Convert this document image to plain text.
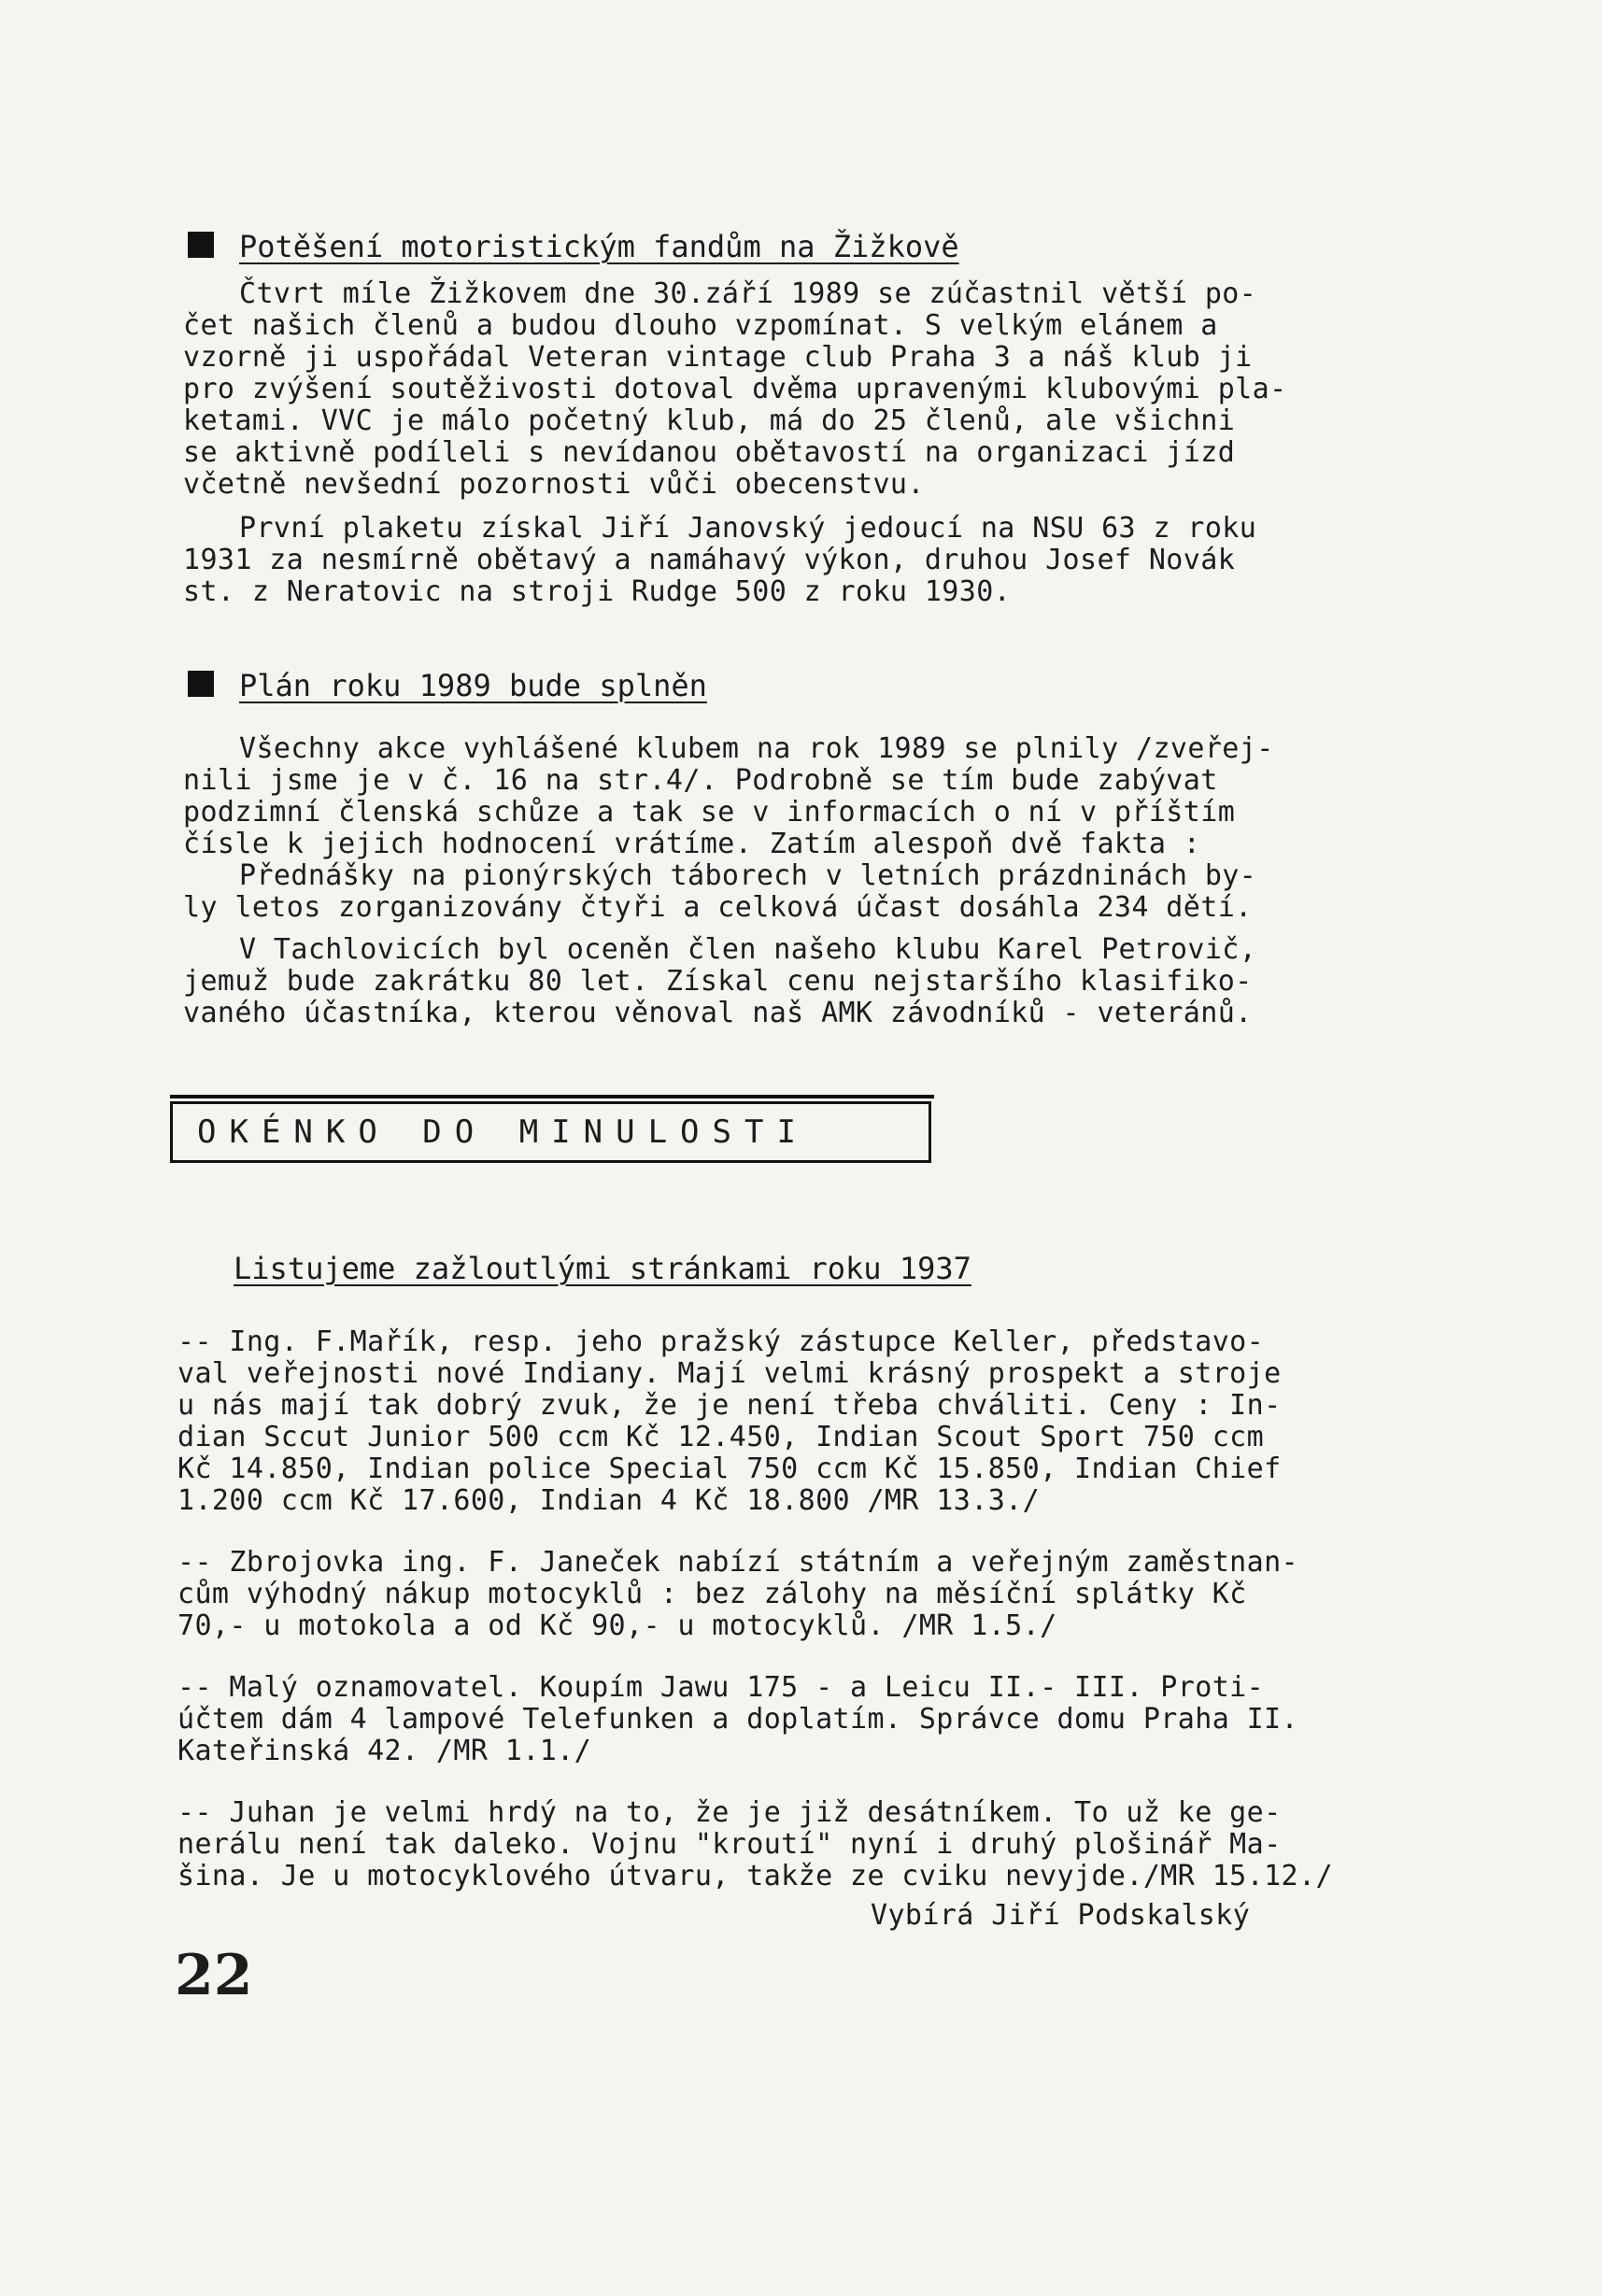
Potěšení motoristickým fandům na Žižkově
Čtvrt míle Žižkovem dne 30.září 1989 se zúčastnil větší po-
čet našich členů a budou dlouho vzpomínat. S velkým elánem a
vzorně ji uspořádal Veteran vintage club Praha 3 a náš klub ji
pro zvýšení soutěživosti dotoval dvěma upravenými klubovými pla-
ketami. VVC je málo početný klub, má do 25 členů, ale všichni
se aktivně podíleli s nevídanou obětavostí na organizaci jízd
včetně nevšední pozornosti vůči obecenstvu.
První plaketu získal Jiří Janovský jedoucí na NSU 63 z roku
1931 za nesmírně obětavý a namáhavý výkon, druhou Josef Novák
st. z Neratovic na stroji Rudge 500 z roku 1930.
Plán roku 1989 bude splněn
Všechny akce vyhlášené klubem na rok 1989 se plnily /zveřej-
nili jsme je v č. 16 na str.4/. Podrobně se tím bude zabývat
podzimní členská schůze a tak se v informacích o ní v příštím
čísle k jejich hodnocení vrátíme. Zatím alespoň dvě fakta :
Přednášky na pionýrských táborech v letních prázdninách by-
ly letos zorganizovány čtyři a celková účast dosáhla 234 dětí.
V Tachlovicích byl oceněn člen našeho klubu Karel Petrovič,
jemuž bude zakrátku 80 let. Získal cenu nejstaršího klasifiko-
vaného účastníka, kterou věnoval naš AMK závodníků - veteránů.
OKÉNKO DO MINULOSTI
Listujeme zažloutlými stránkami roku 1937
-- Ing. F.Mařík, resp. jeho pražský zástupce Keller, představo-
val veřejnosti nové Indiany. Mají velmi krásný prospekt a stroje
u nás mají tak dobrý zvuk, že je není třeba chváliti. Ceny : In-
dian Sccut Junior 500 ccm Kč 12.450, Indian Scout Sport 750 ccm
Kč 14.850, Indian police Special 750 ccm Kč 15.850, Indian Chief
1.200 ccm Kč 17.600, Indian 4 Kč 18.800 /MR 13.3./
-- Zbrojovka ing. F. Janeček nabízí státním a veřejným zaměstnan-
cům výhodný nákup motocyklů : bez zálohy na měsíční splátky Kč
70,- u motokola a od Kč 90,- u motocyklů. /MR 1.5./
-- Malý oznamovatel. Koupím Jawu 175 - a Leicu II.- III. Proti-
účtem dám 4 lampové Telefunken a doplatím. Správce domu Praha II.
Kateřinská 42. /MR 1.1./
-- Juhan je velmi hrdý na to, že je již desátníkem. To už ke ge-
nerálu není tak daleko. Vojnu "kroutí" nyní i druhý plošinář Ma-
šina. Je u motocyklového útvaru, takže ze cviku nevyjde./MR 15.12./
Vybírá Jiří Podskalský
22
